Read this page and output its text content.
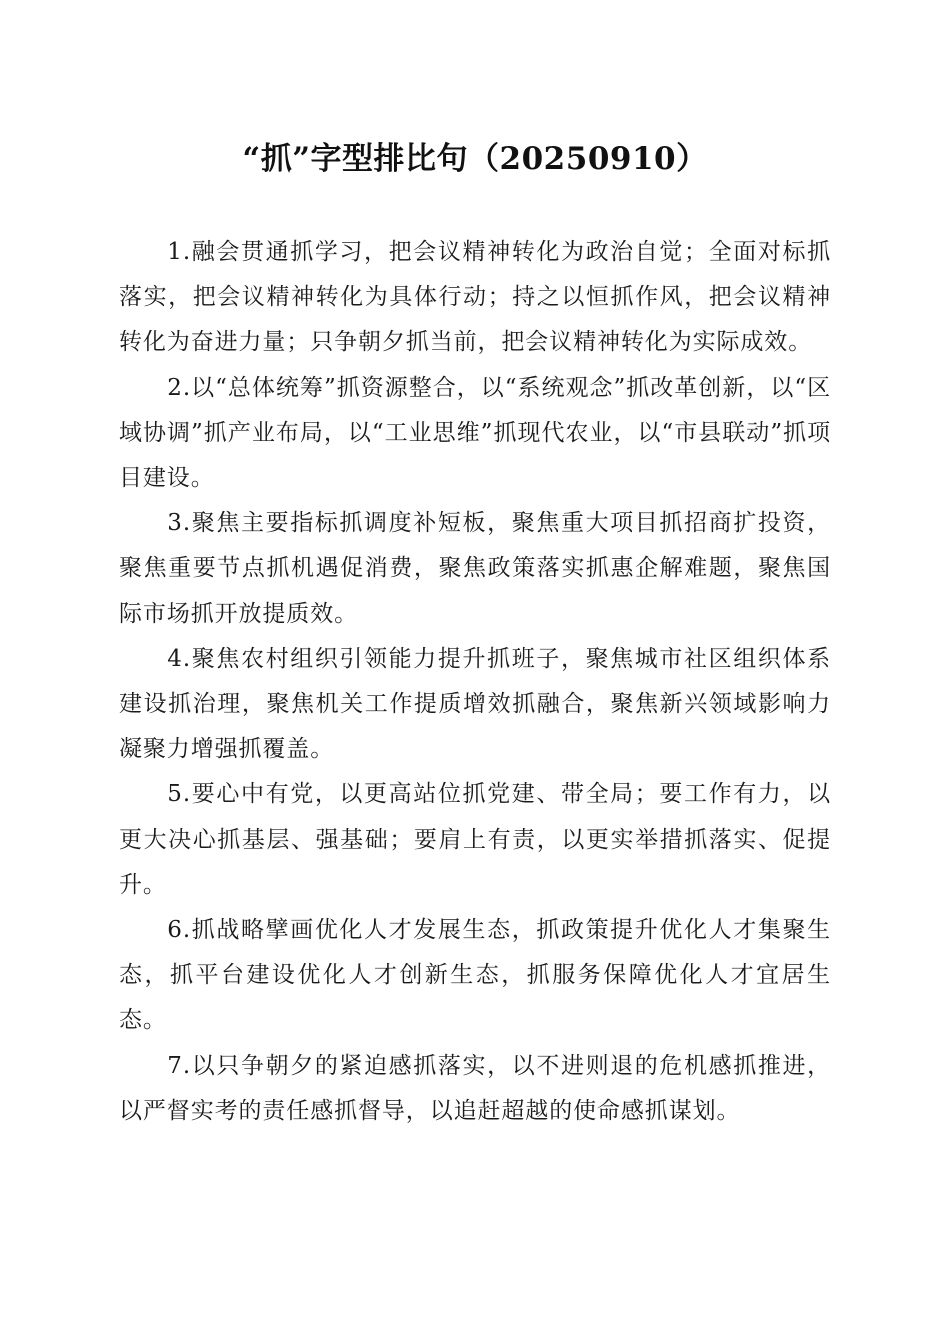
“抓”字型排比句（20250910）

1.融会贯通抓学习，把会议精神转化为政治自觉；全面对标抓落实，把会议精神转化为具体行动；持之以恒抓作风，把会议精神转化为奋进力量；只争朝夕抓当前，把会议精神转化为实际成效。

2.以“总体统筹”抓资源整合，以“系统观念”抓改革创新，以“区域协调”抓产业布局，以“工业思维”抓现代农业，以“市县联动”抓项目建设。

3.聚焦主要指标抓调度补短板，聚焦重大项目抓招商扩投资，聚焦重要节点抓机遇促消费，聚焦政策落实抓惠企解难题，聚焦国际市场抓开放提质效。

4.聚焦农村组织引领能力提升抓班子，聚焦城市社区组织体系建设抓治理，聚焦机关工作提质增效抓融合，聚焦新兴领域影响力凝聚力增强抓覆盖。

5.要心中有党，以更高站位抓党建、带全局；要工作有力，以更大决心抓基层、强基础；要肩上有责，以更实举措抓落实、促提升。

6.抓战略擘画优化人才发展生态，抓政策提升优化人才集聚生态，抓平台建设优化人才创新生态，抓服务保障优化人才宜居生态。

7.以只争朝夕的紧迫感抓落实，以不进则退的危机感抓推进，以严督实考的责任感抓督导，以追赶超越的使命感抓谋划。
